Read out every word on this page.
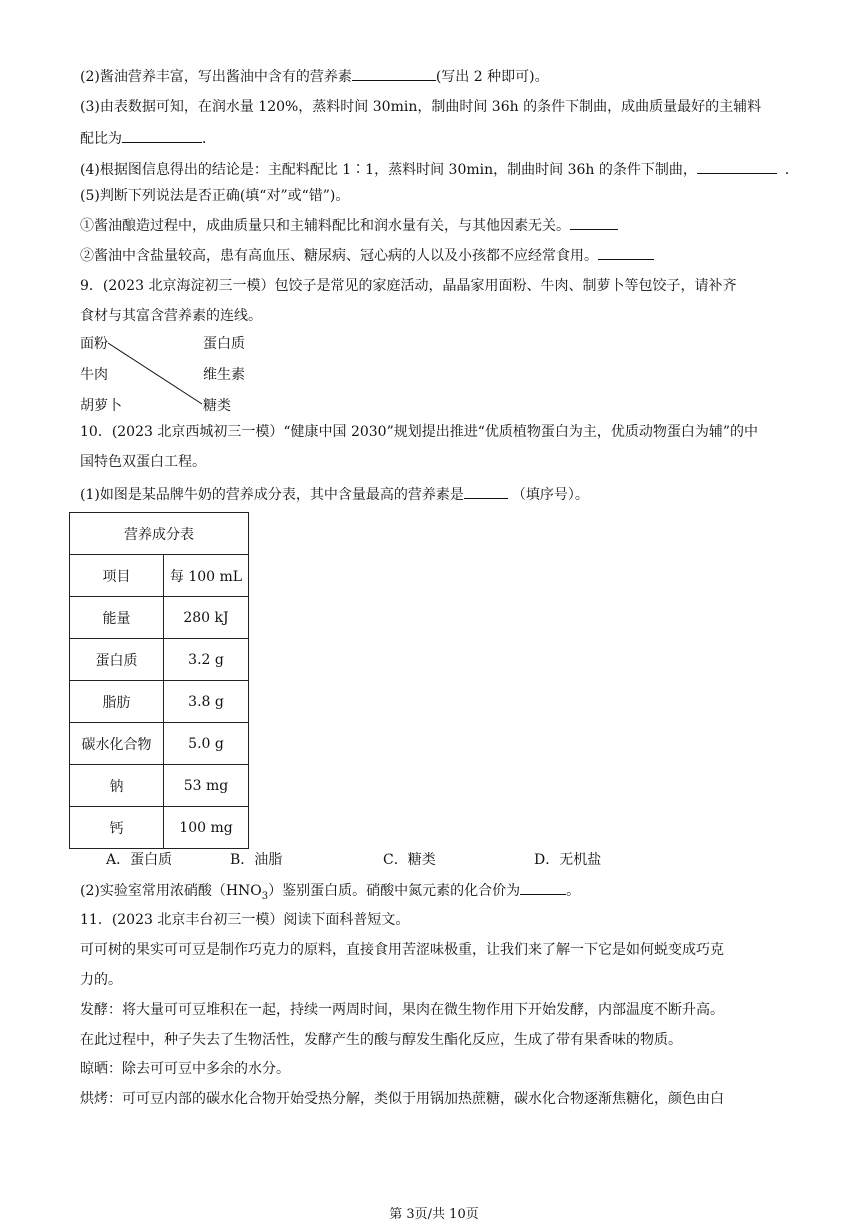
(2)酱油营养丰富，写出酱油中含有的营养素	(写出 2 种即可)。
(3)由表数据可知，在润水量 120%，蒸料时间 30min，制曲时间 36h 的条件下制曲，成曲质量最好的主辅料
配比为	．
(4)根据图信息得出的结论是：主配料配比 1∶1，蒸料时间 30min，制曲时间 36h 的条件下制曲，	．
(5)判断下列说法是否正确(填“对”或“错”)。
①酱油酿造过程中，成曲质量只和主辅料配比和润水量有关，与其他因素无关。
②酱油中含盐量较高，患有高血压、糖尿病、冠心病的人以及小孩都不应经常食用。
9．(2023 北京海淀初三一模）包饺子是常见的家庭活动，晶晶家用面粉、牛肉、制萝卜等包饺子，请补齐
食材与其富含营养素的连线。
面粉
牛肉
胡萝卜
蛋白质
维生素
糖类
10．(2023 北京西城初三一模）“健康中国 2030”规划提出推进“优质植物蛋白为主，优质动物蛋白为辅”的中
国特色双蛋白工程。
(1)如图是某品牌牛奶的营养成分表，其中含量最高的营养素是	（填序号）。
营养成分表	
项目	每 100 mL
能量	280 kJ
蛋白质	3.2 g
脂肪	3.8 g
碳水化合物	5.0 g
钠	53 mg
钙	100 mg
A．蛋白质	B．油脂	C．糖类	D．无机盐
(2)实验室常用浓硝酸$(HNO_3)$鉴别蛋白质。硝酸中氮元素的化合价为	。
11．(2023 北京丰台初三一模）阅读下面科普短文。
可可树的果实可可豆是制作巧克力的原料，直接食用苦涩味极重，让我们来了解一下它是如何蜕变成巧克
力的。
发酵：将大量可可豆堆积在一起，持续一两周时间，果肉在微生物作用下开始发酵，内部温度不断升高。
在此过程中，种子失去了生物活性，发酵产生的酸与醇发生酯化反应，生成了带有果香味的物质。
晾晒：除去可可豆中多余的水分。
烘烤：可可豆内部的碳水化合物开始受热分解，类似于用锅加热蔗糖，碳水化合物逐渐焦糖化，颜色由白
第 3页/共 10页
